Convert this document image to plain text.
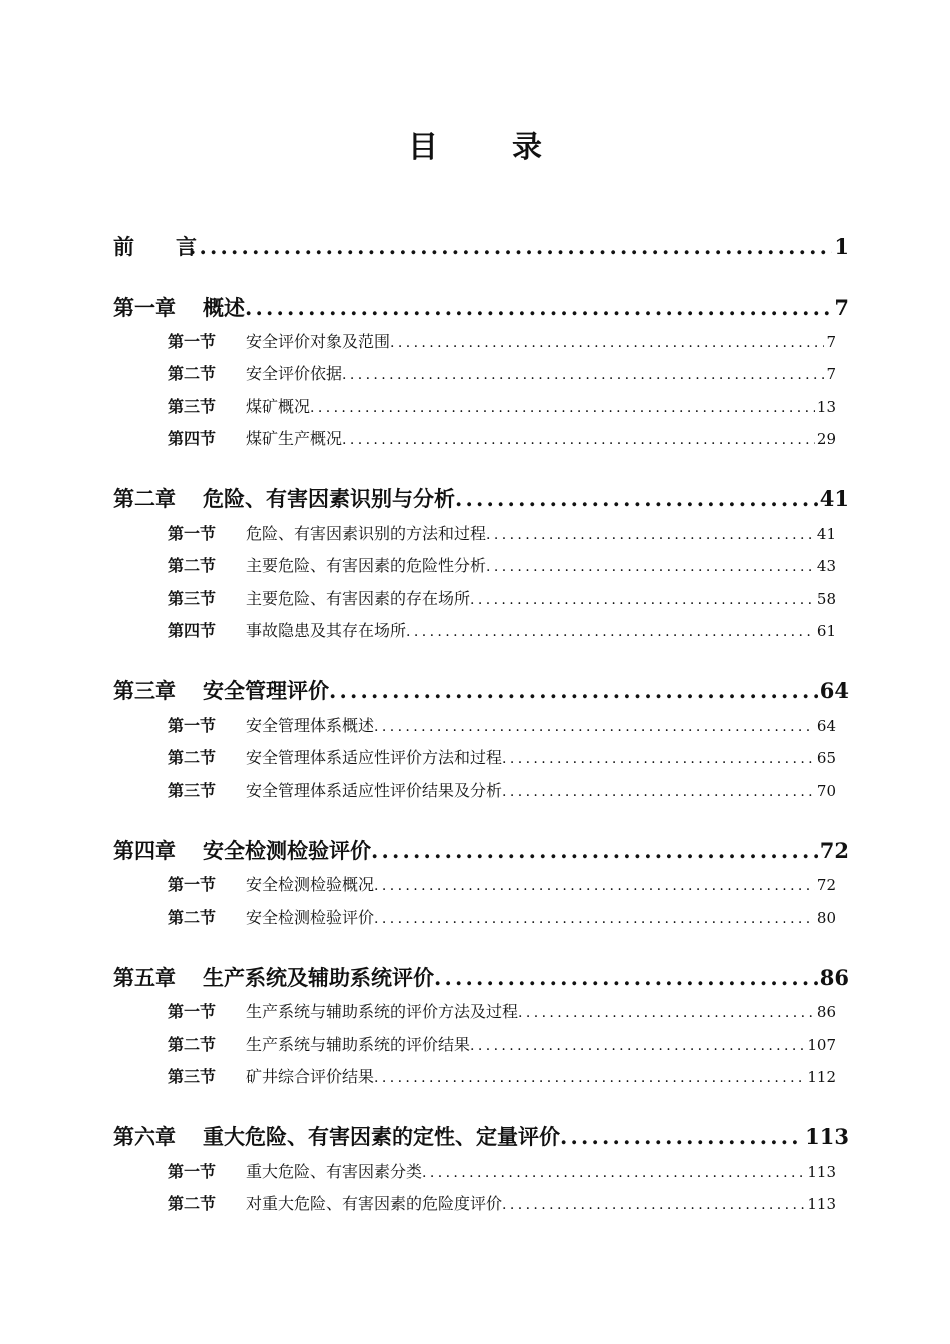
目　录
前　　言 .....	1
第一章	概述 .....	7
第一节	安全评价对象及范围 .....	7
第二节	安全评价依据 .....	7
第三节	煤矿概况 .....	13
第四节	煤矿生产概况 .....	29
第二章	危险、有害因素识别与分析 .....	41
第一节	危险、有害因素识别的方法和过程 .....	41
第二节	主要危险、有害因素的危险性分析 .....	43
第三节	主要危险、有害因素的存在场所 .....	58
第四节	事故隐患及其存在场所 .....	61
第三章	安全管理评价 .....	64
第一节	安全管理体系概述 .....	64
第二节	安全管理体系适应性评价方法和过程 .....	65
第三节	安全管理体系适应性评价结果及分析 .....	70
第四章	安全检测检验评价 .....	72
第一节	安全检测检验概况 .....	72
第二节	安全检测检验评价 .....	80
第五章	生产系统及辅助系统评价 .....	86
第一节	生产系统与辅助系统的评价方法及过程 .....	86
第二节	生产系统与辅助系统的评价结果 .....	107
第三节	矿井综合评价结果 .....	112
第六章	重大危险、有害因素的定性、定量评价 .....	113
第一节	重大危险、有害因素分类 .....	113
第二节	对重大危险、有害因素的危险度评价 .....	113
